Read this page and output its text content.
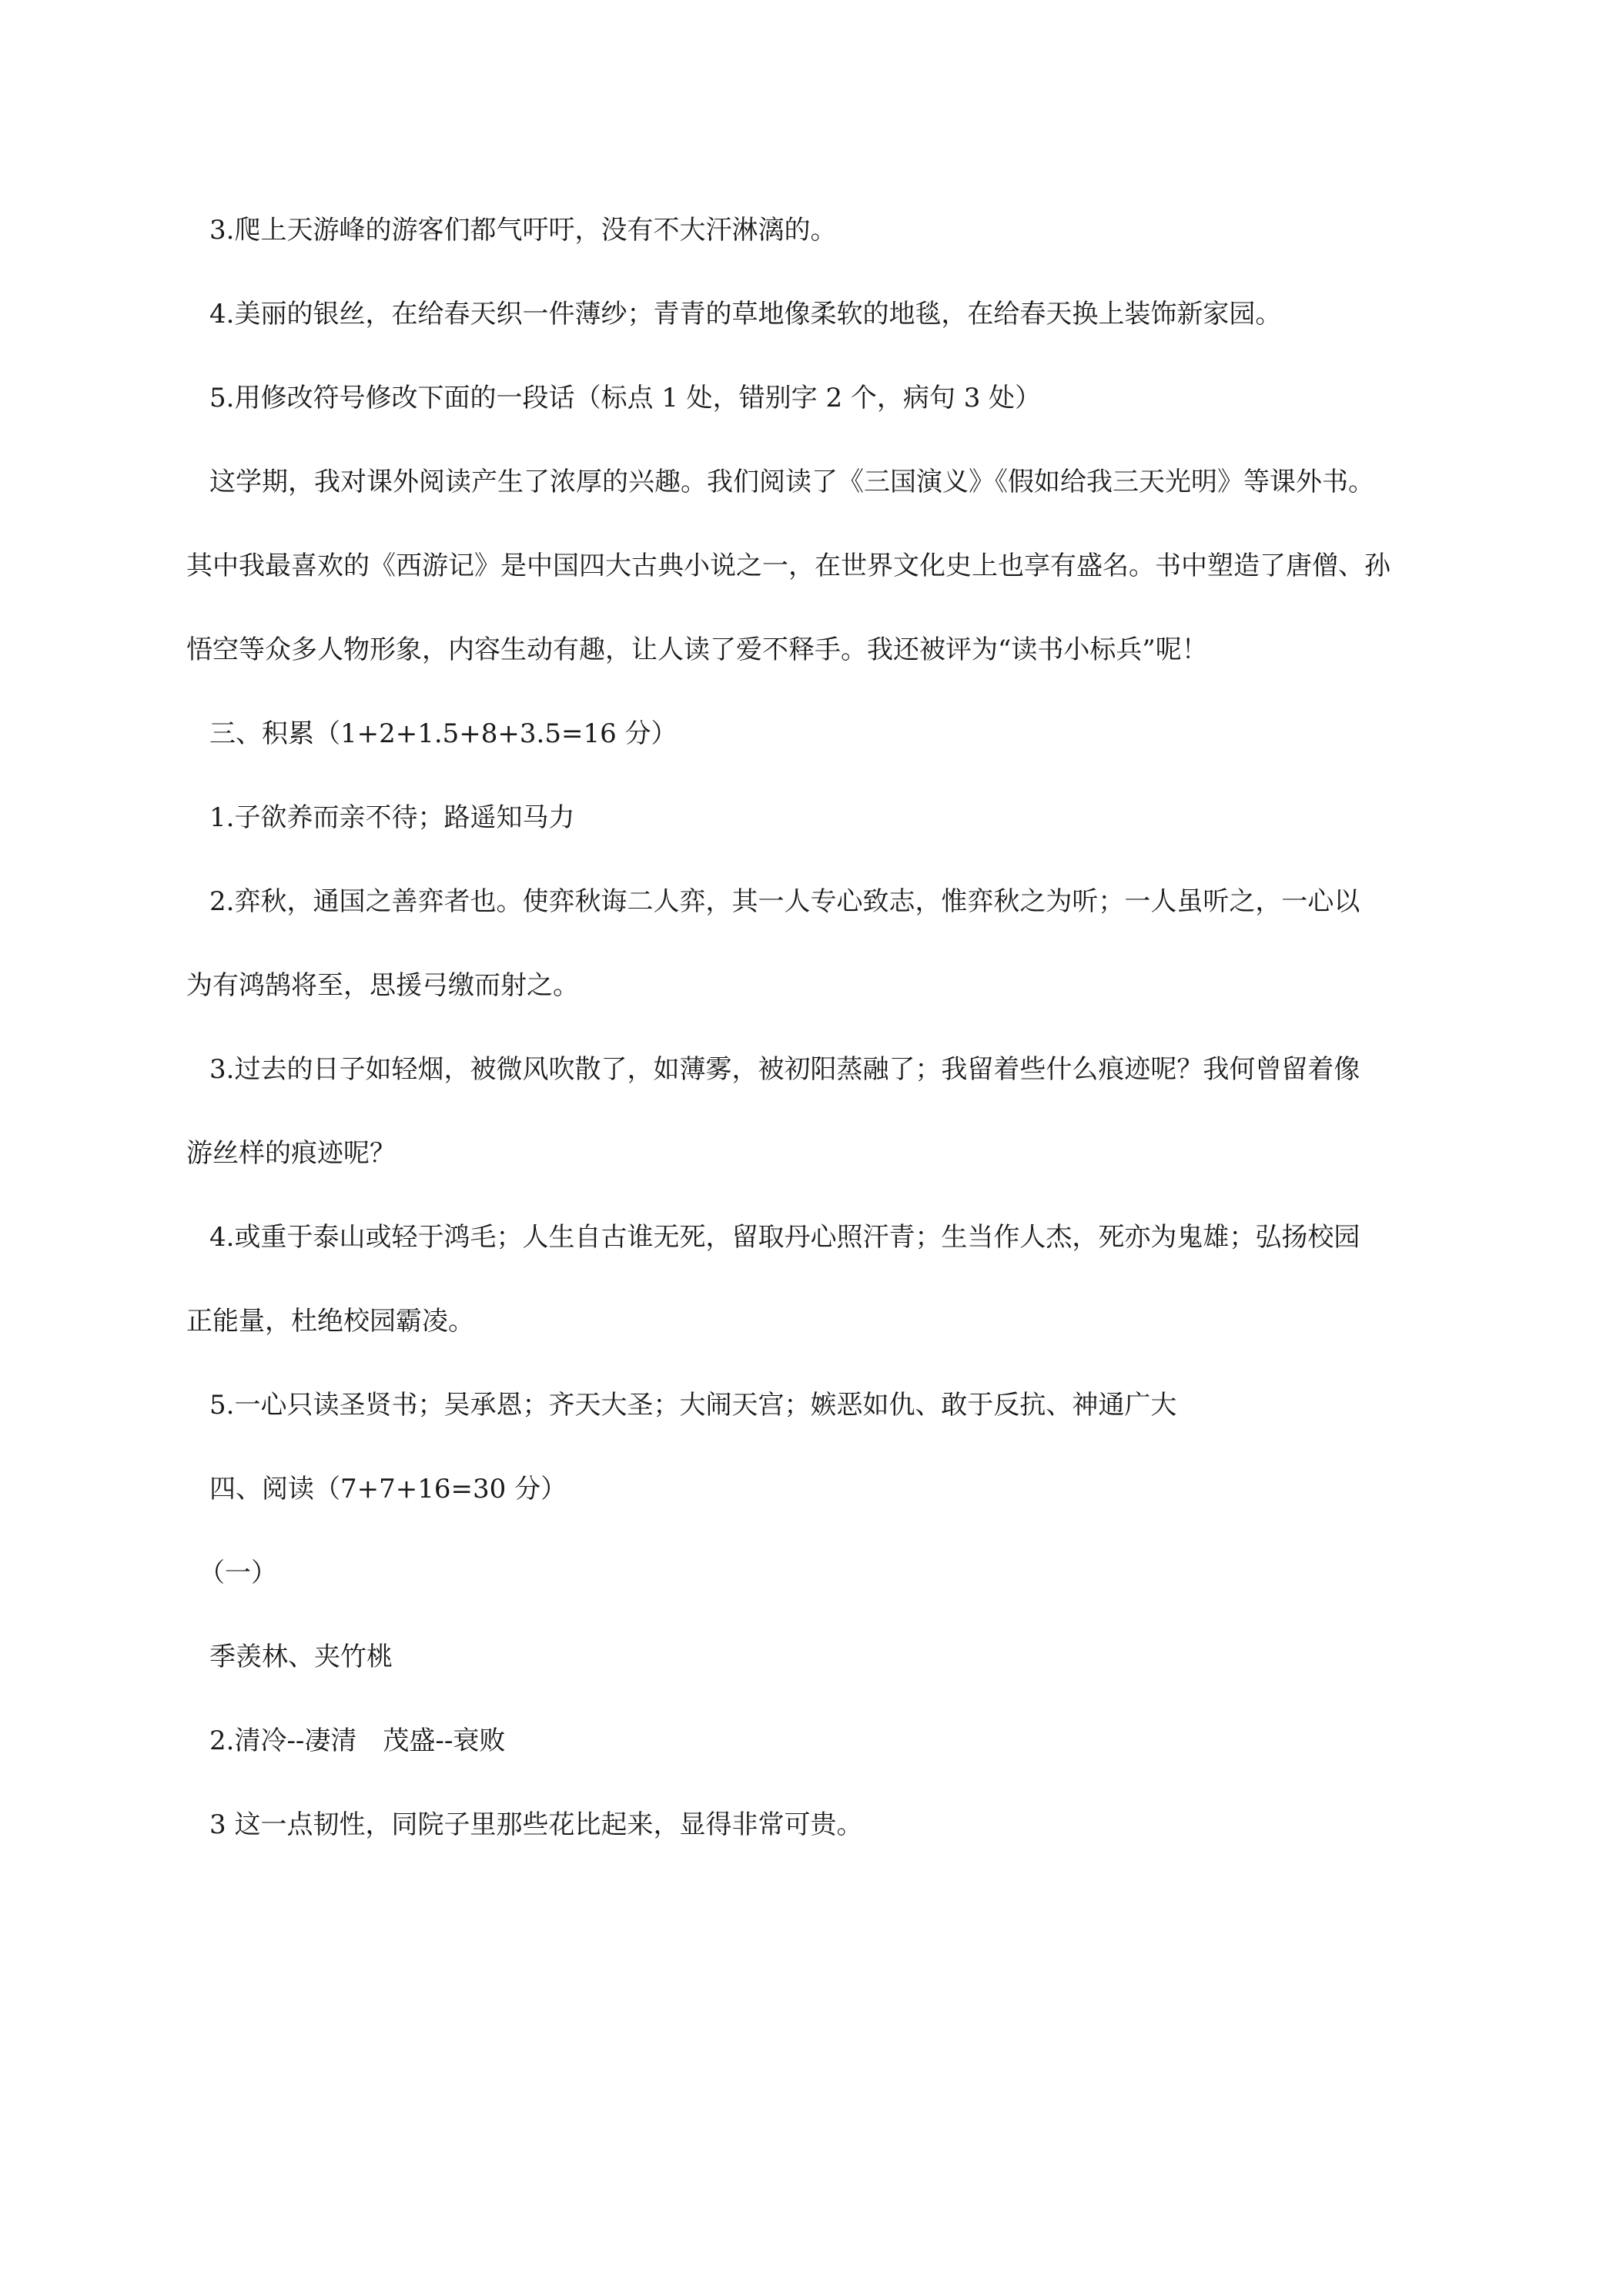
3.爬上天游峰的游客们都气吁吁，没有不大汗淋漓的。

4.美丽的银丝，在给春天织一件薄纱；青青的草地像柔软的地毯，在给春天换上装饰新家园。

5.用修改符号修改下面的一段话（标点 1 处，错别字 2 个，病句 3 处）

这学期，我对课外阅读产生了浓厚的兴趣。我们阅读了《三国演义》《假如给我三天光明》等课外书。

其中我最喜欢的《西游记》是中国四大古典小说之一，在世界文化史上也享有盛名。书中塑造了唐僧、孙

悟空等众多人物形象，内容生动有趣，让人读了爱不释手。我还被评为“读书小标兵”呢！

三、积累（1+2+1.5+8+3.5=16 分）

1.子欲养而亲不待；路遥知马力

2.弈秋，通国之善弈者也。使弈秋诲二人弈，其一人专心致志，惟弈秋之为听；一人虽听之，一心以

为有鸿鹄将至，思援弓缴而射之。

3.过去的日子如轻烟，被微风吹散了，如薄雾，被初阳蒸融了；我留着些什么痕迹呢？我何曾留着像

游丝样的痕迹呢？

4.或重于泰山或轻于鸿毛；人生自古谁无死，留取丹心照汗青；生当作人杰，死亦为鬼雄；弘扬校园

正能量，杜绝校园霸凌。

5.一心只读圣贤书；吴承恩；齐天大圣；大闹天宫；嫉恶如仇、敢于反抗、神通广大

四、阅读（7+7+16=30 分）

（一）

季羡林、夹竹桃

2.清冷--凄清　茂盛--衰败

3 这一点韧性，同院子里那些花比起来，显得非常可贵。
